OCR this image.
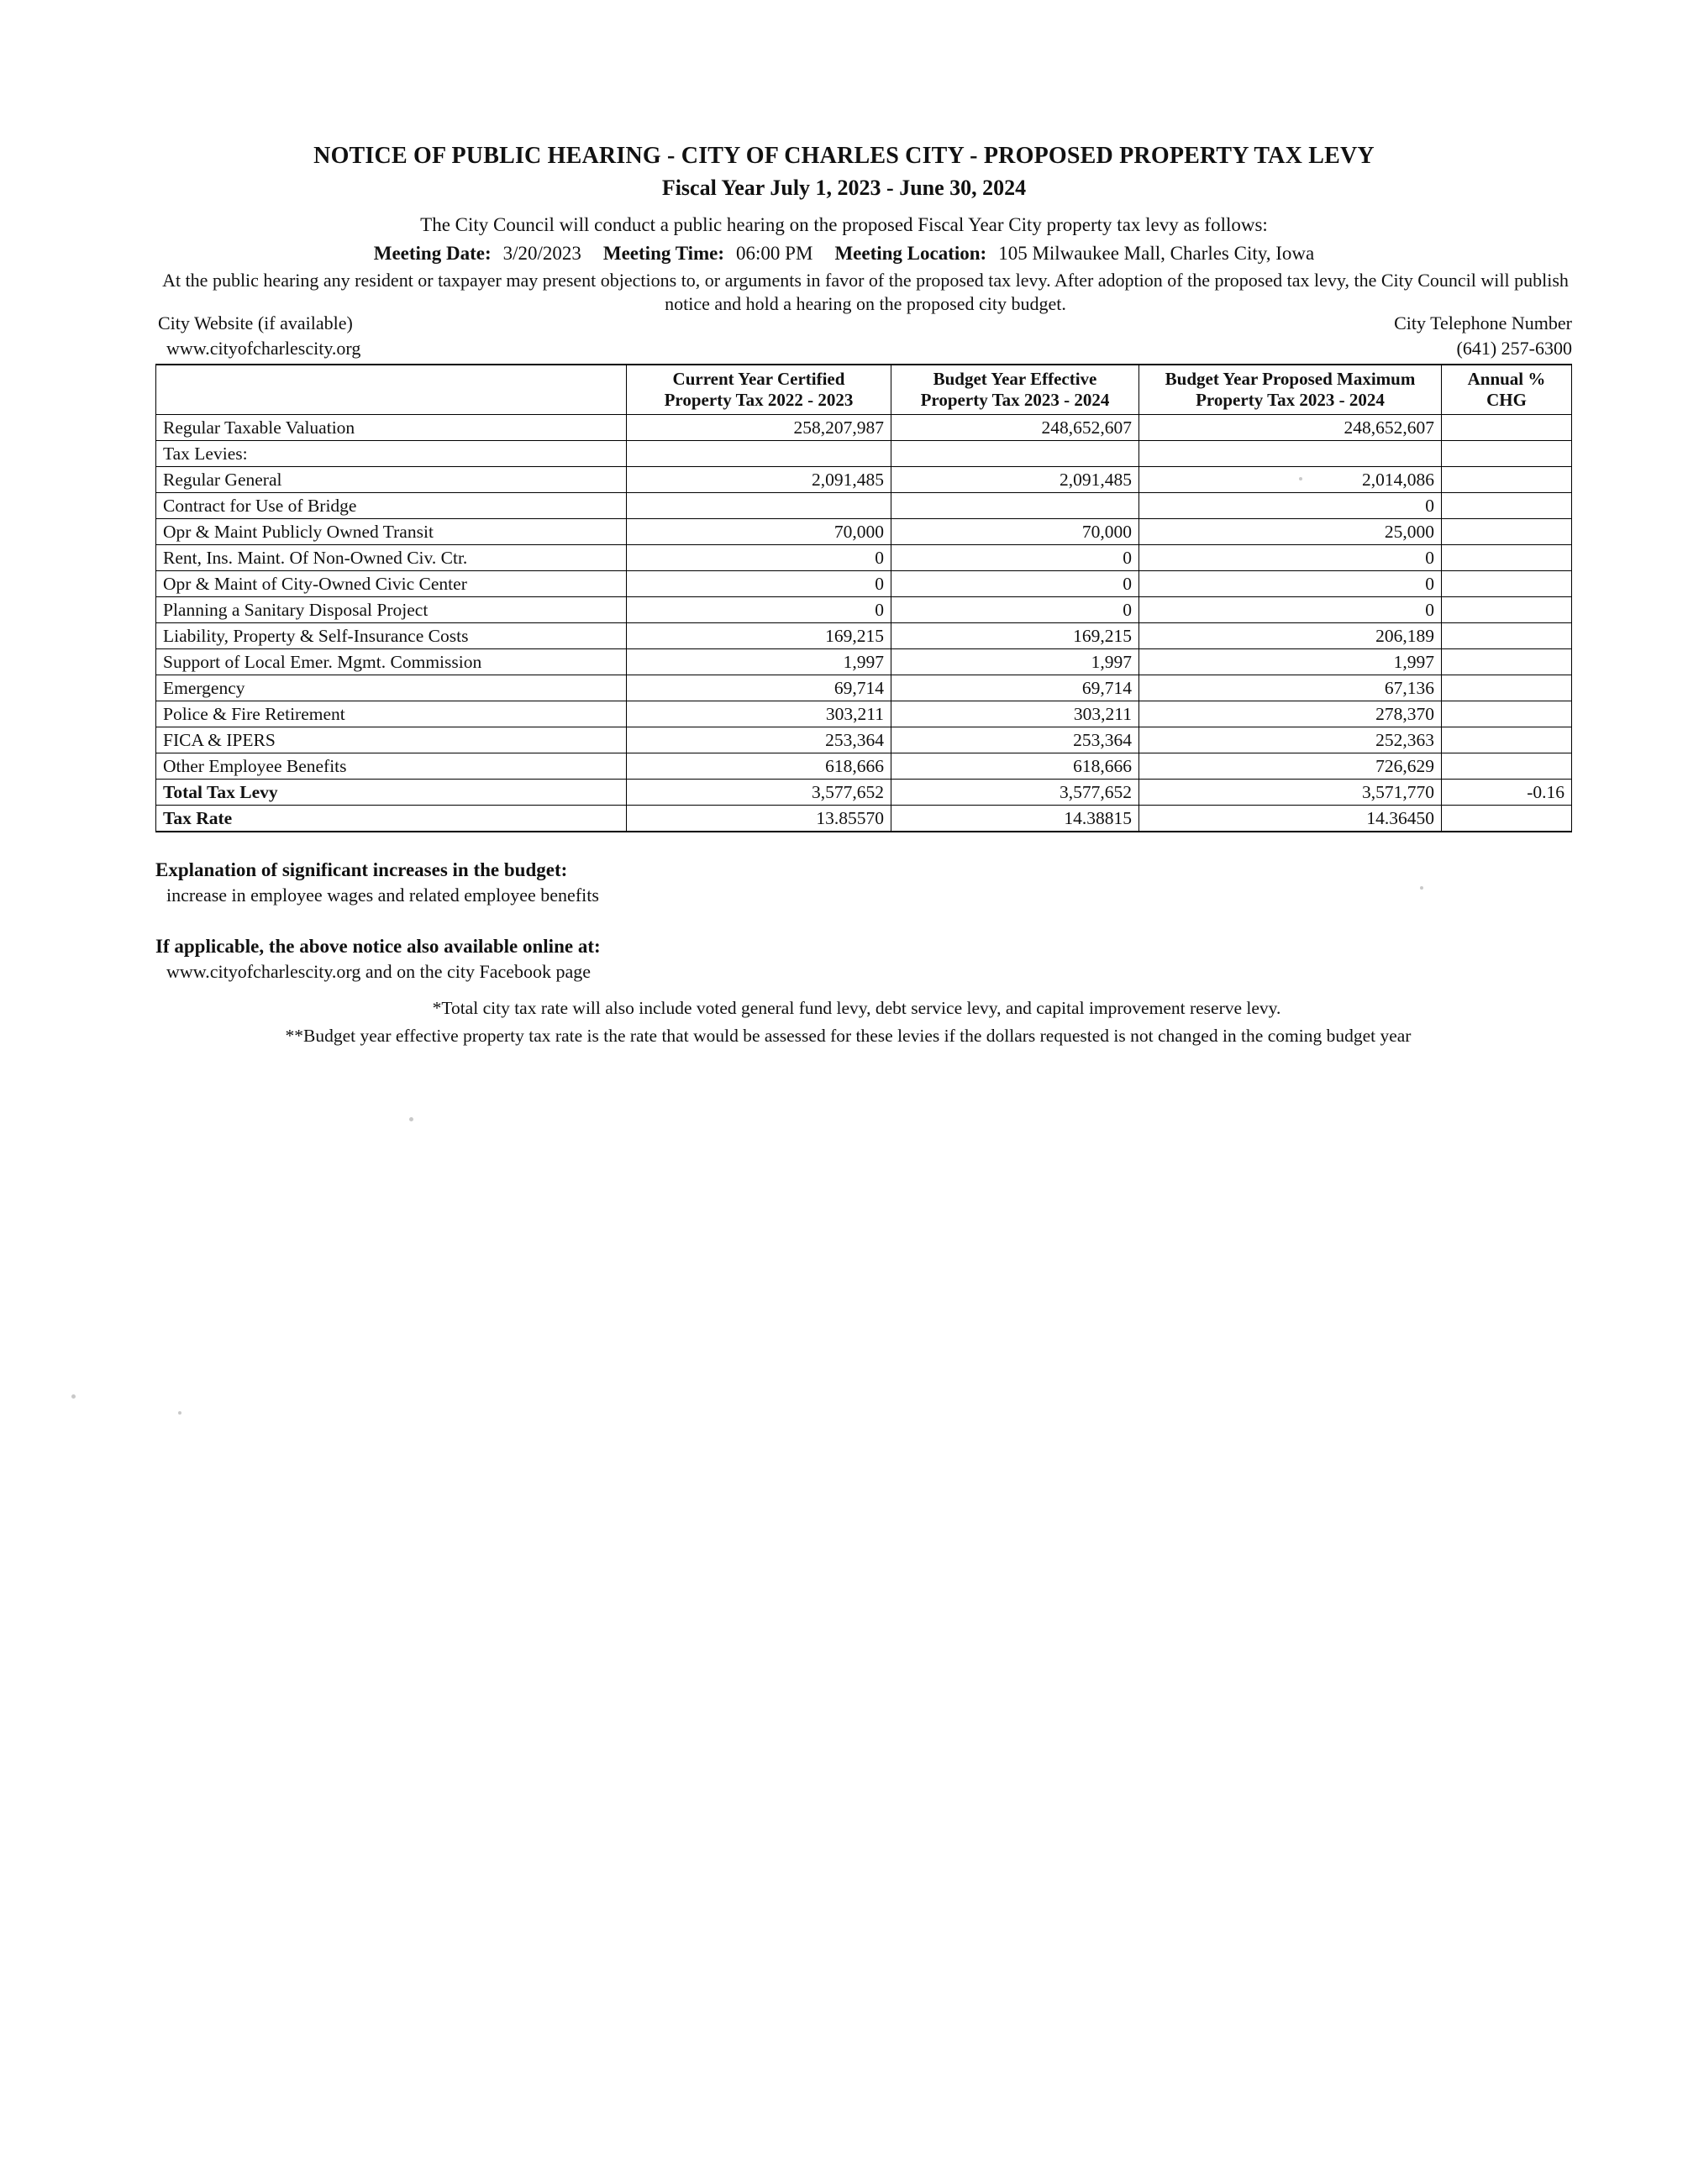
NOTICE OF PUBLIC HEARING - CITY OF CHARLES CITY - PROPOSED PROPERTY TAX LEVY
Fiscal Year July 1, 2023 - June 30, 2024
The City Council will conduct a public hearing on the proposed Fiscal Year City property tax levy as follows:
Meeting Date: 3/20/2023 Meeting Time: 06:00 PM Meeting Location: 105 Milwaukee Mall, Charles City, Iowa
At the public hearing any resident or taxpayer may present objections to, or arguments in favor of the proposed tax levy. After adoption of the proposed tax levy, the City Council will publish notice and hold a hearing on the proposed city budget.
City Website (if available)
www.cityofcharlescity.org
City Telephone Number
(641) 257-6300

Current Year Certified
Property Tax 2022 - 2023

Budget Year Effective
Property Tax 2023 - 2024

Budget Year Proposed Maximum
Property Tax 2023 - 2024

Annual %
CHG

Regular Taxable Valuation	258,207,987	248,652,607	248,652,607	
Tax Levies:				
Regular General	2,091,485	2,091,485	2,014,086	
Contract for Use of Bridge			0	
Opr & Maint Publicly Owned Transit	70,000	70,000	25,000	
Rent, Ins. Maint. Of Non-Owned Civ. Ctr.	0	0	0	
Opr & Maint of City-Owned Civic Center	0	0	0	
Planning a Sanitary Disposal Project	0	0	0	
Liability, Property & Self-Insurance Costs	169,215	169,215	206,189	
Support of Local Emer. Mgmt. Commission	1,997	1,997	1,997	
Emergency	69,714	69,714	67,136	
Police & Fire Retirement	303,211	303,211	278,370	
FICA & IPERS	253,364	253,364	252,363	
Other Employee Benefits	618,666	618,666	726,629	
Total Tax Levy	3,577,652	3,577,652	3,571,770	-0.16
Tax Rate	13.85570	14.38815	14.36450	
Explanation of significant increases in the budget:
increase in employee wages and related employee benefits
If applicable, the above notice also available online at:
www.cityofcharlescity.org and on the city Facebook page
*Total city tax rate will also include voted general fund levy, debt service levy, and capital improvement reserve levy.
**Budget year effective property tax rate is the rate that would be assessed for these levies if the dollars requested is not changed in the coming budget year
